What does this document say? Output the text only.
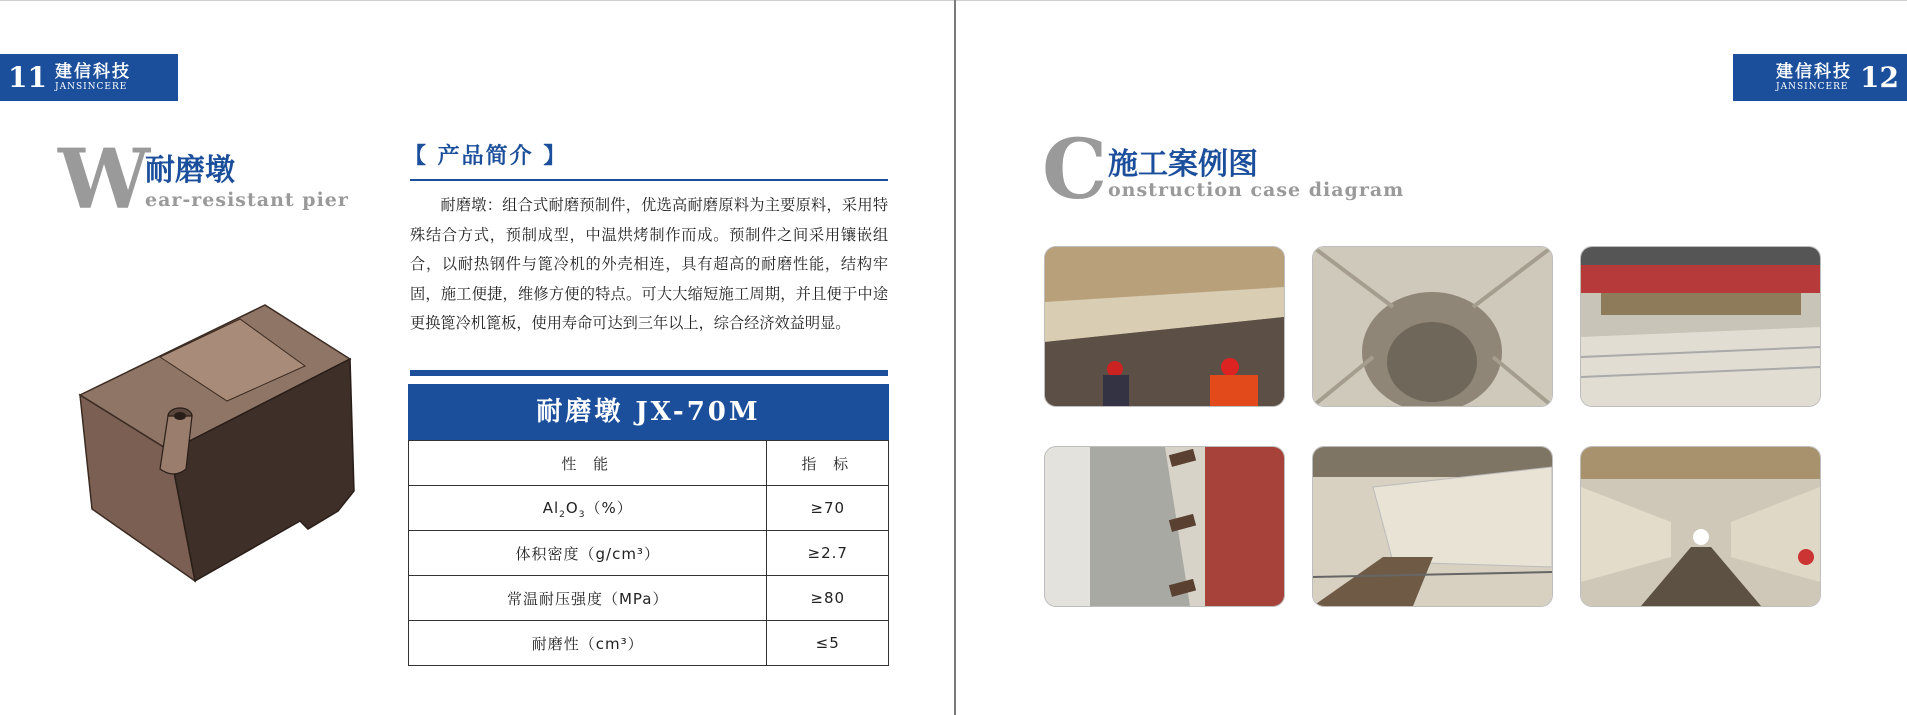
11 建信科技
JANSINCERE
W
耐磨墩
ear-resistant pier
【 产品简介 】

耐磨墩：组合式耐磨预制件，优选高耐磨原料为主要原料，采用特殊结合方式，预制成型，中温烘烤制作而成。预制件之间采用镶嵌组合，以耐热钢件与篦冷机的外壳相连，具有超高的耐磨性能，结构牢固，施工便捷，维修方便的特点。可大大缩短施工周期，并且便于中途更换篦冷机篦板，使用寿命可达到三年以上，综合经济效益明显。

耐磨墩 JX-70M
性 能	指 标
$Al_2O_3(\%)$	≥70
体积密度（g/cm³）	≥2.7
常温耐压强度（MPa）	≥80
耐磨性（cm³）	≤5
建信科技
JANSINCERE 12
C 施工案例图
onstruction case diagram
